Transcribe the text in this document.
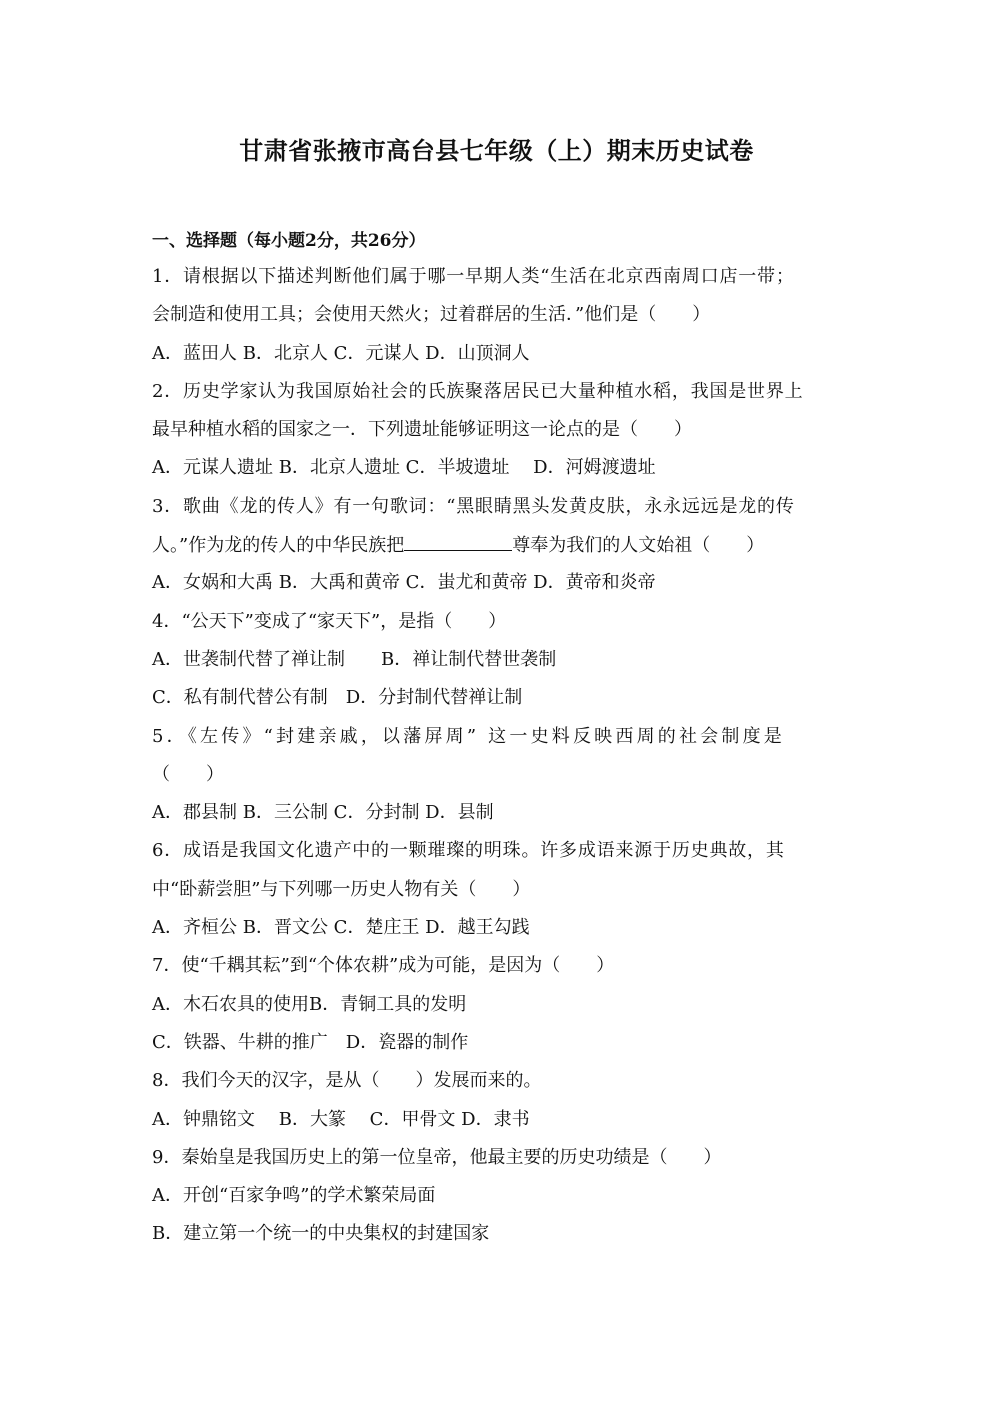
甘肃省张掖市高台县七年级（上）期末历史试卷
一、选择题（每小题2分，共26分）
1．请根据以下描述判断他们属于哪一早期人类“生活在北京西南周口店一带；
会制造和使用工具；会使用天然火；过着群居的生活．”他们是（　　）
A．蓝田人 B．北京人 C．元谋人 D．山顶洞人
2．历史学家认为我国原始社会的氏族聚落居民已大量种植水稻，我国是世界上
最早种植水稻的国家之一．下列遗址能够证明这一论点的是（　　）
A．元谋人遗址 B．北京人遗址 C．半坡遗址　 D．河姆渡遗址
3．歌曲《龙的传人》有一句歌词：“黑眼睛黑头发黄皮肤，永永远远是龙的传
人。”作为龙的传人的中华民族把	尊奉为我们的人文始祖（　　）
A．女娲和大禹 B．大禹和黄帝 C．蚩尤和黄帝 D．黄帝和炎帝
4．“公天下”变成了“家天下”，是指（　　）
A．世袭制代替了禅让制　　B．禅让制代替世袭制
C．私有制代替公有制　D．分封制代替禅让制
5．《左传》“封建亲戚，以藩屏周” 这一史料反映西周的社会制度是
（　　）
A．郡县制 B．三公制 C．分封制 D．县制
6．成语是我国文化遗产中的一颗璀璨的明珠。许多成语来源于历史典故，其
中“卧薪尝胆”与下列哪一历史人物有关（　　）
A．齐桓公 B．晋文公 C．楚庄王 D．越王勾践
7．使“千耦其耘”到“个体农耕”成为可能，是因为（　　）
A．木石农具的使用B．青铜工具的发明
C．铁器、牛耕的推广　D．瓷器的制作
8．我们今天的汉字，是从（　　）发展而来的。
A．钟鼎铭文　 B．大篆　 C．甲骨文 D．隶书
9．秦始皇是我国历史上的第一位皇帝，他最主要的历史功绩是（　　）
A．开创“百家争鸣”的学术繁荣局面
B．建立第一个统一的中央集权的封建国家
